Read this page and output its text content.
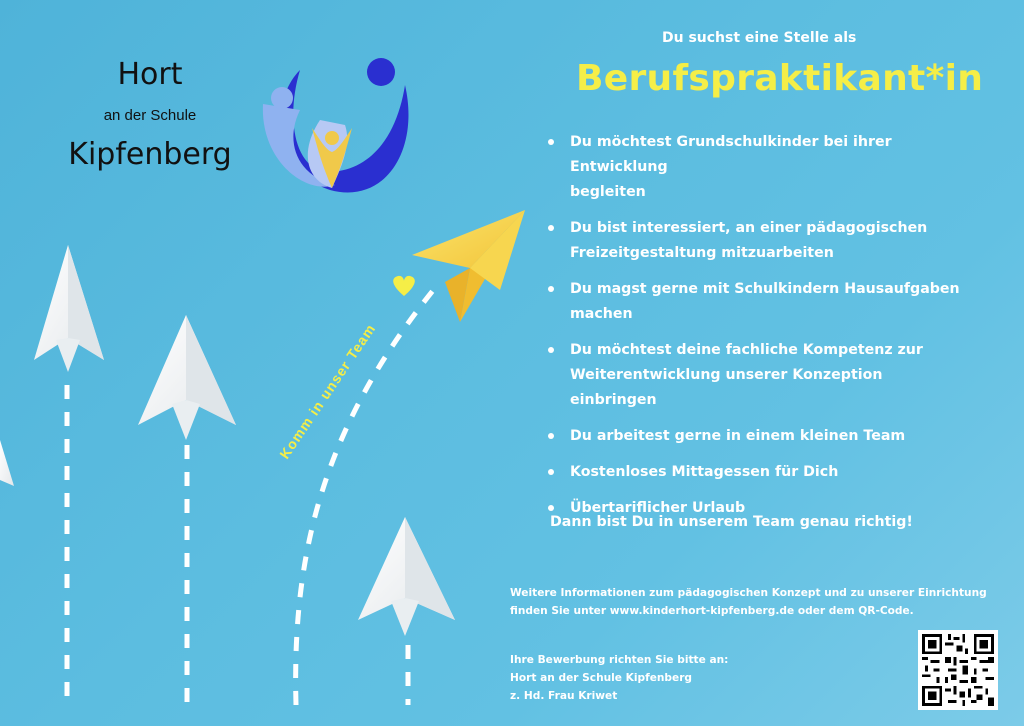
Komm in unser Team
Hort
an der Schule
Kipfenberg
Du suchst eine Stelle als
Berufspraktikant*in
Du möchtest Grundschulkinder bei ihrer Entwicklung
begleiten
Du bist interessiert, an einer pädagogischen
Freizeitgestaltung mitzuarbeiten
Du magst gerne mit Schulkindern Hausaufgaben
machen
Du möchtest deine fachliche Kompetenz zur
Weiterentwicklung unserer Konzeption einbringen
Du arbeitest gerne in einem kleinen Team
Kostenloses Mittagessen für Dich
Übertariflicher Urlaub
Dann bist Du in unserem Team genau richtig!
Weitere Informationen zum pädagogischen Konzept und zu unserer Einrichtung
finden Sie unter www.kinderhort-kipfenberg.de oder dem QR-Code.
Ihre Bewerbung richten Sie bitte an:
Hort an der Schule Kipfenberg
z. Hd. Frau Kriwet
